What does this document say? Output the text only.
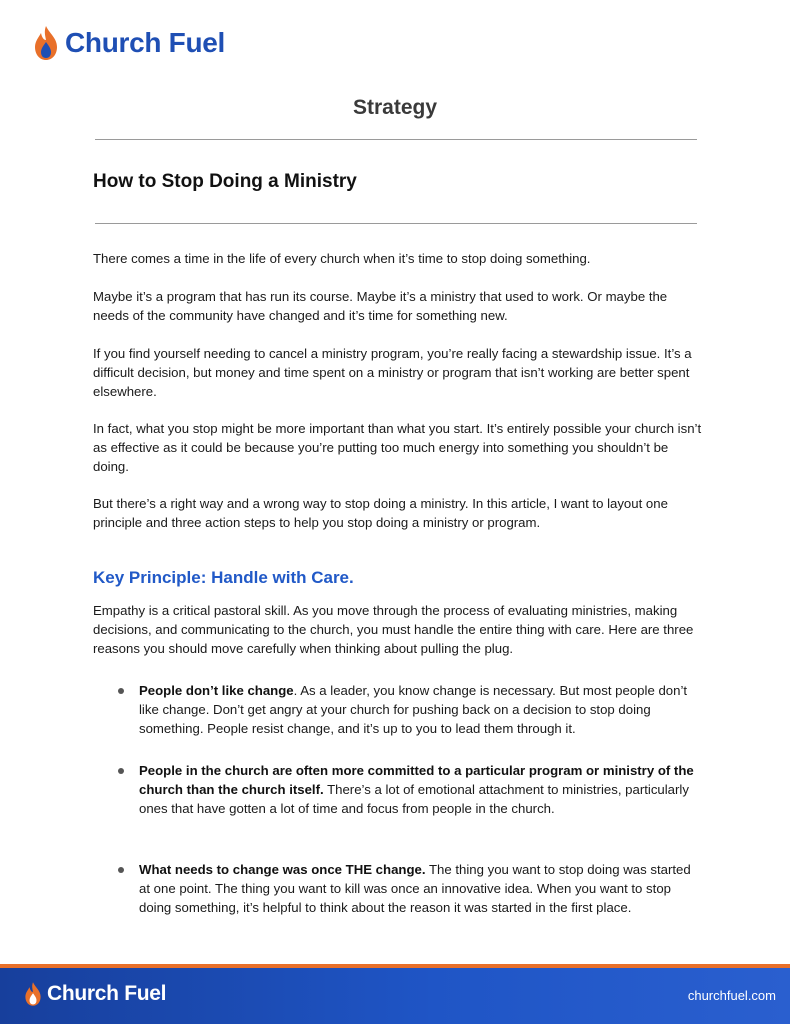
Church Fuel
Strategy
How to Stop Doing a Ministry

There comes a time in the life of every church when it’s time to stop doing something.

Maybe it’s a program that has run its course. Maybe it’s a ministry that used to work. Or maybe the needs of the community have changed and it’s time for something new.

If you find yourself needing to cancel a ministry program, you’re really facing a stewardship issue. It’s a difficult decision, but money and time spent on a ministry or program that isn’t working are better spent elsewhere.

In fact, what you stop might be more important than what you start. It’s entirely possible your church isn’t as effective as it could be because you’re putting too much energy into something you shouldn’t be doing.

But there’s a right way and a wrong way to stop doing a ministry. In this article, I want to layout one principle and three action steps to help you stop doing a ministry or program.

Key Principle: Handle with Care.

Empathy is a critical pastoral skill. As you move through the process of evaluating ministries, making decisions, and communicating to the church, you must handle the entire thing with care. Here are three reasons you should move carefully when thinking about pulling the plug.

People don’t like change. As a leader, you know change is necessary. But most people don’t like change. Don’t get angry at your church for pushing back on a decision to stop doing something. People resist change, and it’s up to you to lead them through it.
People in the church are often more committed to a particular program or ministry of the church than the church itself. There’s a lot of emotional attachment to ministries, particularly ones that have gotten a lot of time and focus from people in the church.
What needs to change was once THE change. The thing you want to stop doing was started at one point. The thing you want to kill was once an innovative idea. When you want to stop doing something, it’s helpful to think about the reason it was started in the first place.
Church Fuel	churchfuel.com
